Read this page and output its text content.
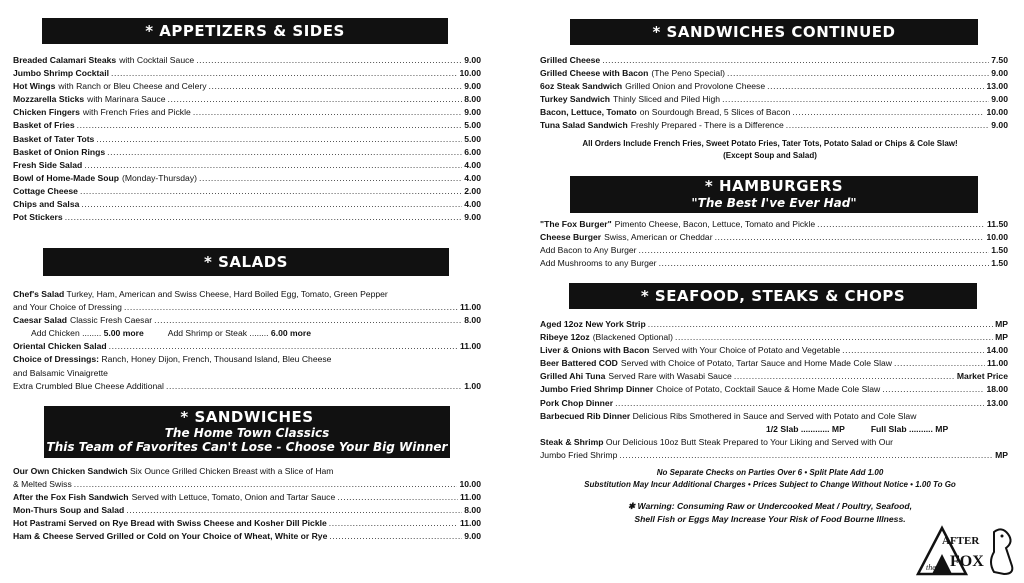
* APPETIZERS & SIDES
Breaded Calamari Steaks with Cocktail Sauce .....	9.00
Jumbo Shrimp Cocktail .....	10.00
Hot Wings with Ranch or Bleu Cheese and Celery .....	9.00
Mozzarella Sticks with Marinara Sauce .....	8.00
Chicken Fingers with French Fries and Pickle .....	9.00
Basket of Fries .....	5.00
Basket of Tater Tots .....	5.00
Basket of Onion Rings .....	6.00
Fresh Side Salad .....	4.00
Bowl of Home-Made Soup (Monday-Thursday) .....	4.00
Cottage Cheese .....	2.00
Chips and Salsa .....	4.00
Pot Stickers .....	9.00
* SALADS
Chef's Salad Turkey, Ham, American and Swiss Cheese, Hard Boiled Egg, Tomato, Green Pepper
and Your Choice of Dressing .....	11.00
Caesar Salad Classic Fresh Caesar .....	8.00
Add Chicken ........ 5.00 more	Add Shrimp or Steak ........ 6.00 more
Oriental Chicken Salad .....	11.00
Choice of Dressings: Ranch, Honey Dijon, French, Thousand Island, Bleu Cheese
and Balsamic Vinaigrette
Extra Crumbled Blue Cheese Additional .....	1.00
* SANDWICHES
The Home Town Classics
This Team of Favorites Can't Lose - Choose Your Big Winner
Our Own Chicken Sandwich Six Ounce Grilled Chicken Breast with a Slice of Ham
& Melted Swiss .....	10.00
After the Fox Fish Sandwich Served with Lettuce, Tomato, Onion and Tartar Sauce .....	11.00
Mon-Thurs Soup and Salad .....	8.00
Hot Pastrami Served on Rye Bread with Swiss Cheese and Kosher Dill Pickle .....	11.00
Ham & Cheese Served Grilled or Cold on Your Choice of Wheat, White or Rye .....	9.00
* SANDWICHES CONTINUED
Grilled Cheese .....	7.50
Grilled Cheese with Bacon (The Peno Special) .....	9.00
6oz Steak Sandwich Grilled Onion and Provolone Cheese .....	13.00
Turkey Sandwich Thinly Sliced and Piled High .....	9.00
Bacon, Lettuce, Tomato on Sourdough Bread, 5 Slices of Bacon .....	10.00
Tuna Salad Sandwich Freshly Prepared - There is a Difference .....	9.00
All Orders Include French Fries, Sweet Potato Fries, Tater Tots, Potato Salad or Chips & Cole Slaw!
(Except Soup and Salad)
* HAMBURGERS
"The Best I've Ever Had"
"The Fox Burger" Pimento Cheese, Bacon, Lettuce, Tomato and Pickle .....	11.50
Cheese Burger Swiss, American or Cheddar .....	10.00
Add Bacon to Any Burger .....	1.50
Add Mushrooms to any Burger .....	1.50
* SEAFOOD, STEAKS & CHOPS
Aged 12oz New York Strip .....	MP
Ribeye 12oz (Blackened Optional) .....	MP
Liver & Onions with Bacon Served with Your Choice of Potato and Vegetable .....	14.00
Beer Battered COD Served with Choice of Potato, Tartar Sauce and Home Made Cole Slaw .....	11.00
Grilled Ahi Tuna Served Rare with Wasabi Sauce .....	Market Price
Jumbo Fried Shrimp Dinner Choice of Potato, Cocktail Sauce & Home Made Cole Slaw .....	18.00
Pork Chop Dinner .....	13.00
Barbecued Rib Dinner Delicious Ribs Smothered in Sauce and Served with Potato and Cole Slaw
1/2 Slab ............ MP	Full Slab .......... MP
Steak & Shrimp Our Delicious 10oz Butt Steak Prepared to Your Liking and Served with Our
Jumbo Fried Shrimp .....	MP
No Separate Checks on Parties Over 6 • Split Plate Add 1.00
Substitution May Incur Additional Charges • Prices Subject to Change Without Notice • 1.00 To Go
✱ Warning: Consuming Raw or Undercooked Meat / Poultry, Seafood,
Shell Fish or Eggs May Increase Your Risk of Food Bourne Illness.
AFTER
the FOX
